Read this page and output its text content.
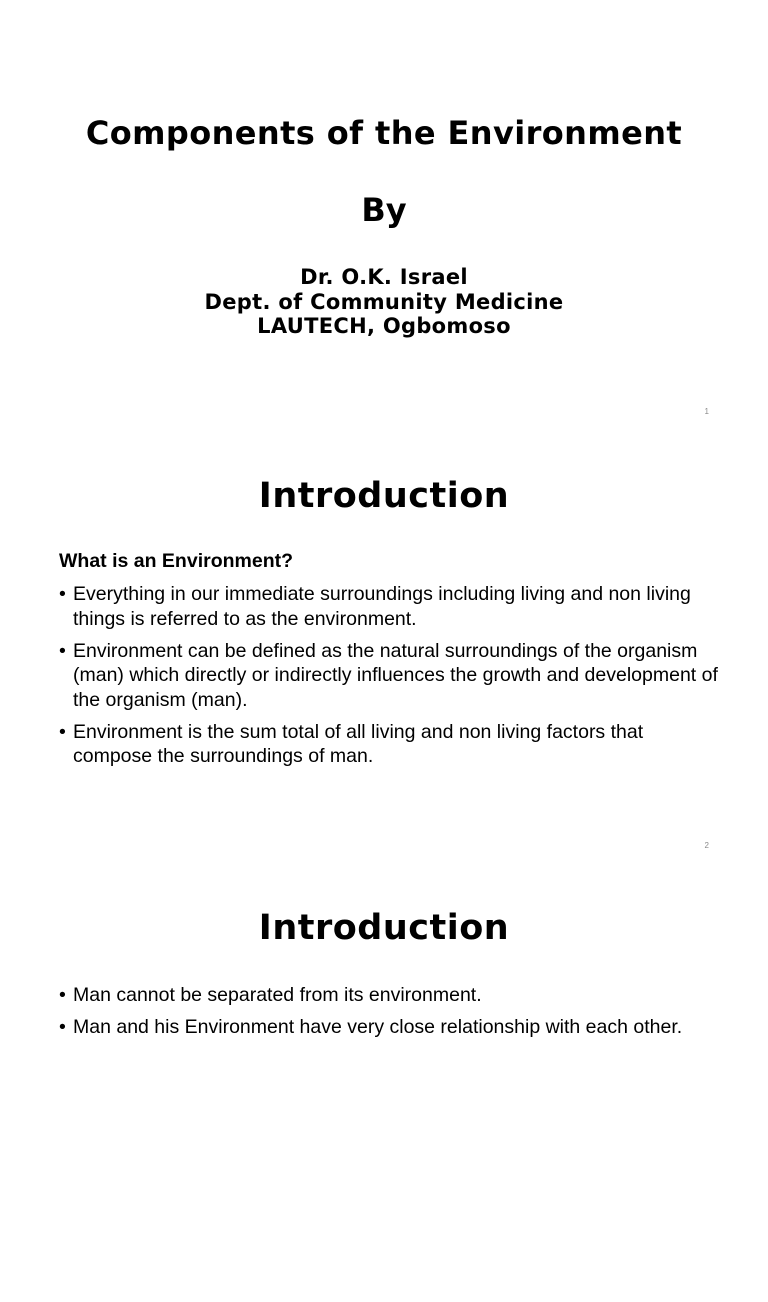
Components of the Environment
By
Dr. O.K. Israel
Dept. of Community Medicine
LAUTECH, Ogbomoso
1
Introduction
What is an Environment?
• Everything in our immediate surroundings including living and non living things is referred to as the environment.
• Environment can be defined as the natural surroundings of the organism (man) which directly or indirectly influences the growth and development of the organism (man).
• Environment is the sum total of all living and non living factors that compose the surroundings of man.
2
Introduction
• Man cannot be separated from its environment.
• Man and his Environment have very close relationship with each other.
